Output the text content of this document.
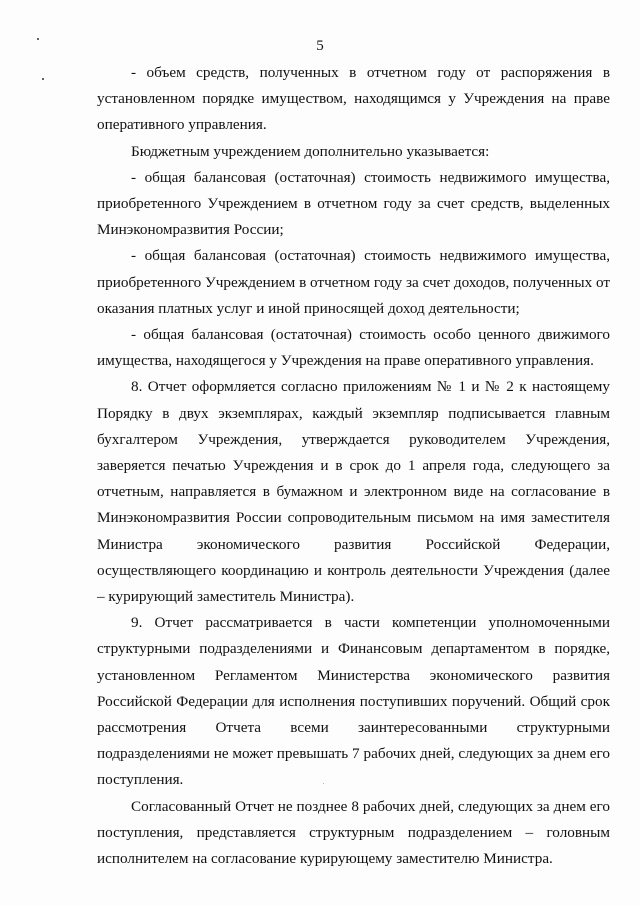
5

- объем средств, полученных в отчетном году от распоряжения в установленном порядке имуществом, находящимся у Учреждения на праве оперативного управления.

Бюджетным учреждением дополнительно указывается:

- общая балансовая (остаточная) стоимость недвижимого имущества, приобретенного Учреждением в отчетном году за счет средств, выделенных Минэкономразвития России;

- общая балансовая (остаточная) стоимость недвижимого имущества, приобретенного Учреждением в отчетном году за счет доходов, полученных от оказания платных услуг и иной приносящей доход деятельности;

- общая балансовая (остаточная) стоимость особо ценного движимого имущества, находящегося у Учреждения на праве оперативного управления.

8. Отчет оформляется согласно приложениям № 1 и № 2 к настоящему Порядку в двух экземплярах, каждый экземпляр подписывается главным бухгалтером Учреждения, утверждается руководителем Учреждения, заверяется печатью Учреждения и в срок до 1 апреля года, следующего за отчетным, направляется в бумажном и электронном виде на согласование в Минэкономразвития России сопроводительным письмом на имя заместителя Министра экономического развития Российской Федерации, осуществляющего координацию и контроль деятельности Учреждения (далее – курирующий заместитель Министра).

9. Отчет рассматривается в части компетенции уполномоченными структурными подразделениями и Финансовым департаментом в порядке, установленном Регламентом Министерства экономического развития Российской Федерации для исполнения поступивших поручений. Общий срок рассмотрения Отчета всеми заинтересованными структурными подразделениями не может превышать 7 рабочих дней, следующих за днем его поступления.

Согласованный Отчет не позднее 8 рабочих дней, следующих за днем его поступления, представляется структурным подразделением – головным исполнителем на согласование курирующему заместителю Министра.
